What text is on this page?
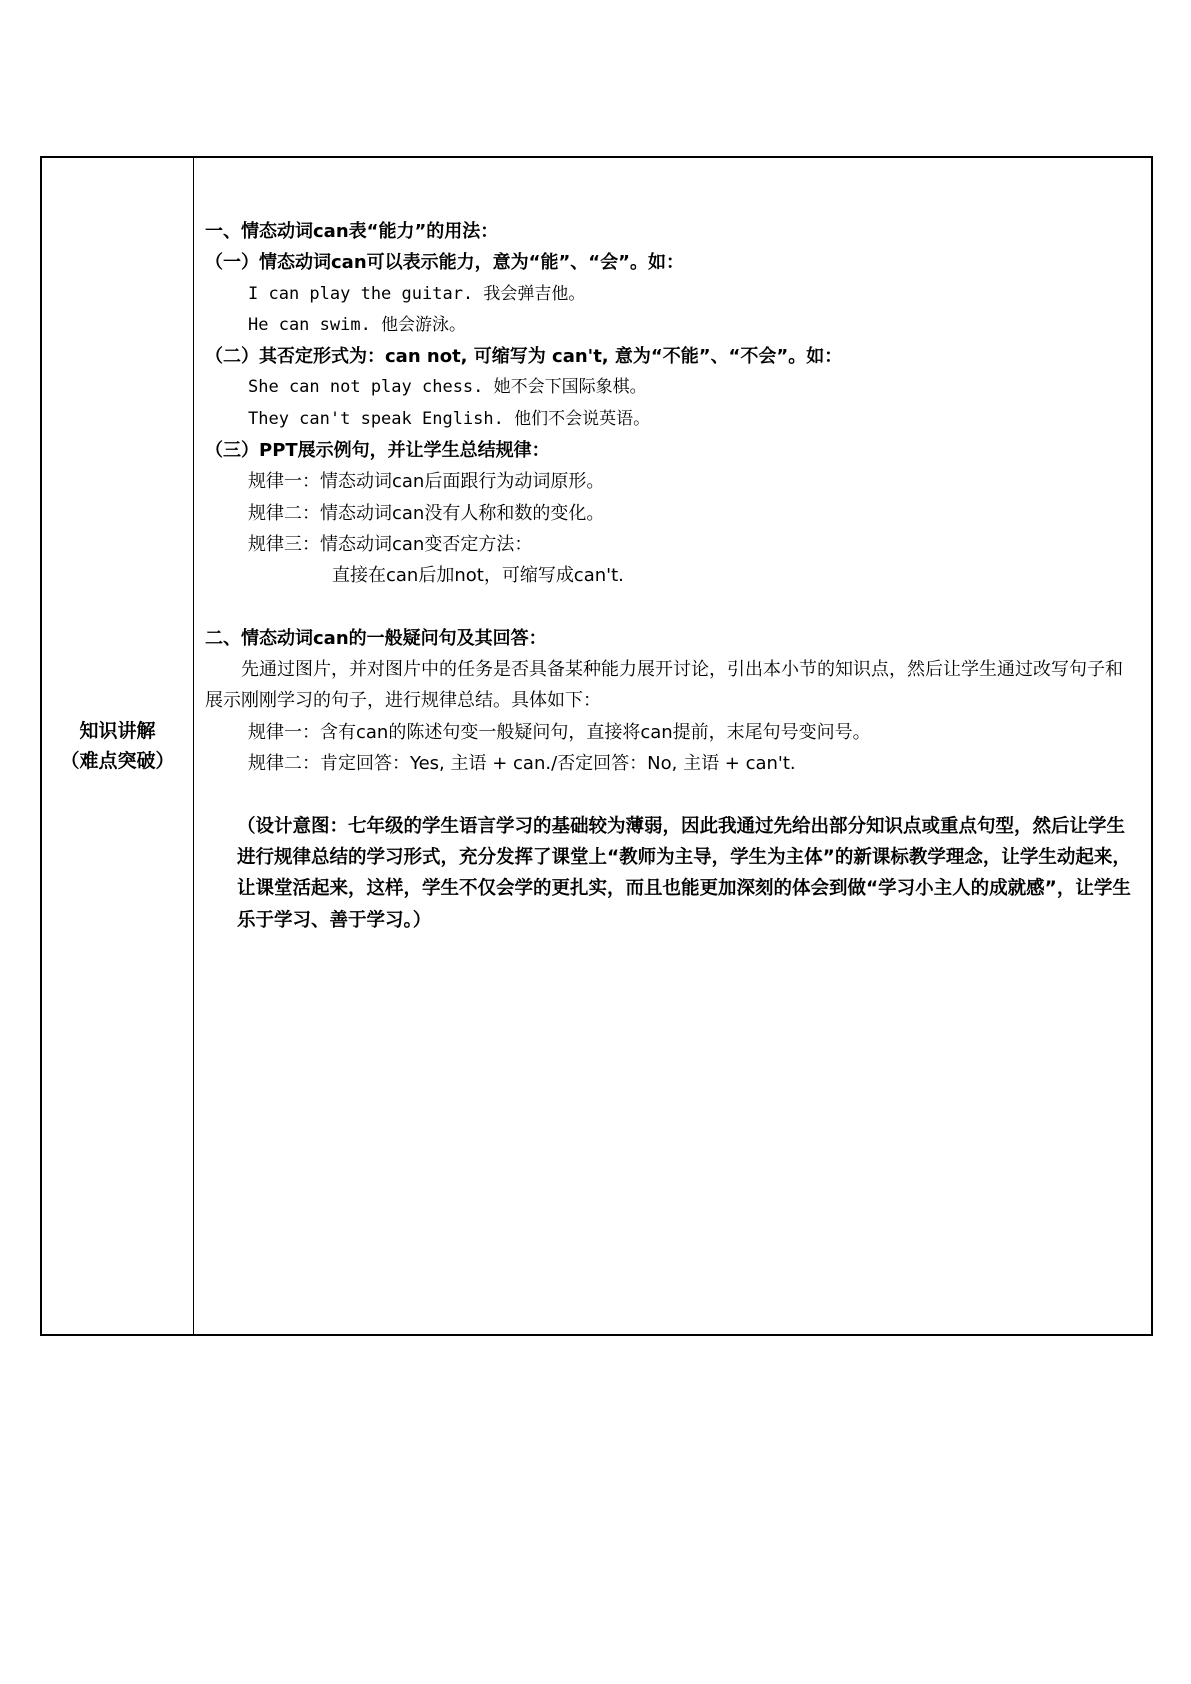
知识讲解
（难点突破）
一、情态动词can表“能力”的用法：
（一）情态动词can可以表示能力，意为“能”、“会”。如：
I can play the guitar. 我会弹吉他。
He can swim. 他会游泳。
（二）其否定形式为：can not, 可缩写为 can't, 意为“不能”、“不会”。如：
She can not play chess. 她不会下国际象棋。
They can't speak English. 他们不会说英语。
（三）PPT展示例句，并让学生总结规律：
规律一：情态动词can后面跟行为动词原形。
规律二：情态动词can没有人称和数的变化。
规律三：情态动词can变否定方法：
直接在can后加not，可缩写成can't.
二、情态动词can的一般疑问句及其回答：
先通过图片，并对图片中的任务是否具备某种能力展开讨论，引出本小节的知识点，然后让学生通过改写句子和展示刚刚学习的句子，进行规律总结。具体如下：
规律一：含有can的陈述句变一般疑问句，直接将can提前，末尾句号变问号。
规律二：肯定回答：Yes, 主语 + can./否定回答：No, 主语 + can't.
（设计意图：七年级的学生语言学习的基础较为薄弱，因此我通过先给出部分知识点或重点句型，然后让学生进行规律总结的学习形式，充分发挥了课堂上“教师为主导，学生为主体”的新课标教学理念，让学生动起来，让课堂活起来，这样，学生不仅会学的更扎实，而且也能更加深刻的体会到做“学习小主人的成就感”，让学生乐于学习、善于学习。）
